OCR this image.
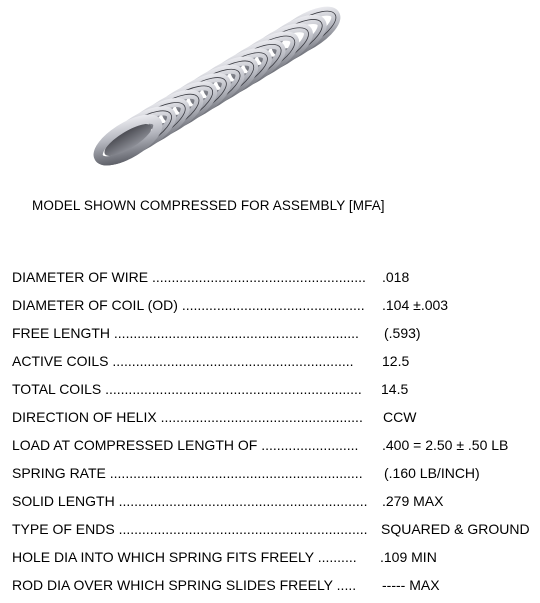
MODEL SHOWN COMPRESSED FOR ASSEMBLY [MFA]
DIAMETER OF WIRE ....................................................... .018
DIAMETER OF COIL (OD) ............................................... .104 ±.003
FREE LENGTH ............................................................... (.593)
ACTIVE COILS .............................................................. 12.5
TOTAL COILS .................................................................. 14.5
DIRECTION OF HELIX .................................................... CCW
LOAD AT COMPRESSED LENGTH OF ......................... .400 = 2.50 ± .50 LB
SPRING RATE ................................................................. (.160 LB/INCH)
SOLID LENGTH ................................................................ .279 MAX
TYPE OF ENDS ................................................................ SQUARED & GROUND
HOLE DIA INTO WHICH SPRING FITS FREELY .......... .109 MIN
ROD DIA OVER WHICH SPRING SLIDES FREELY ..... ----- MAX
